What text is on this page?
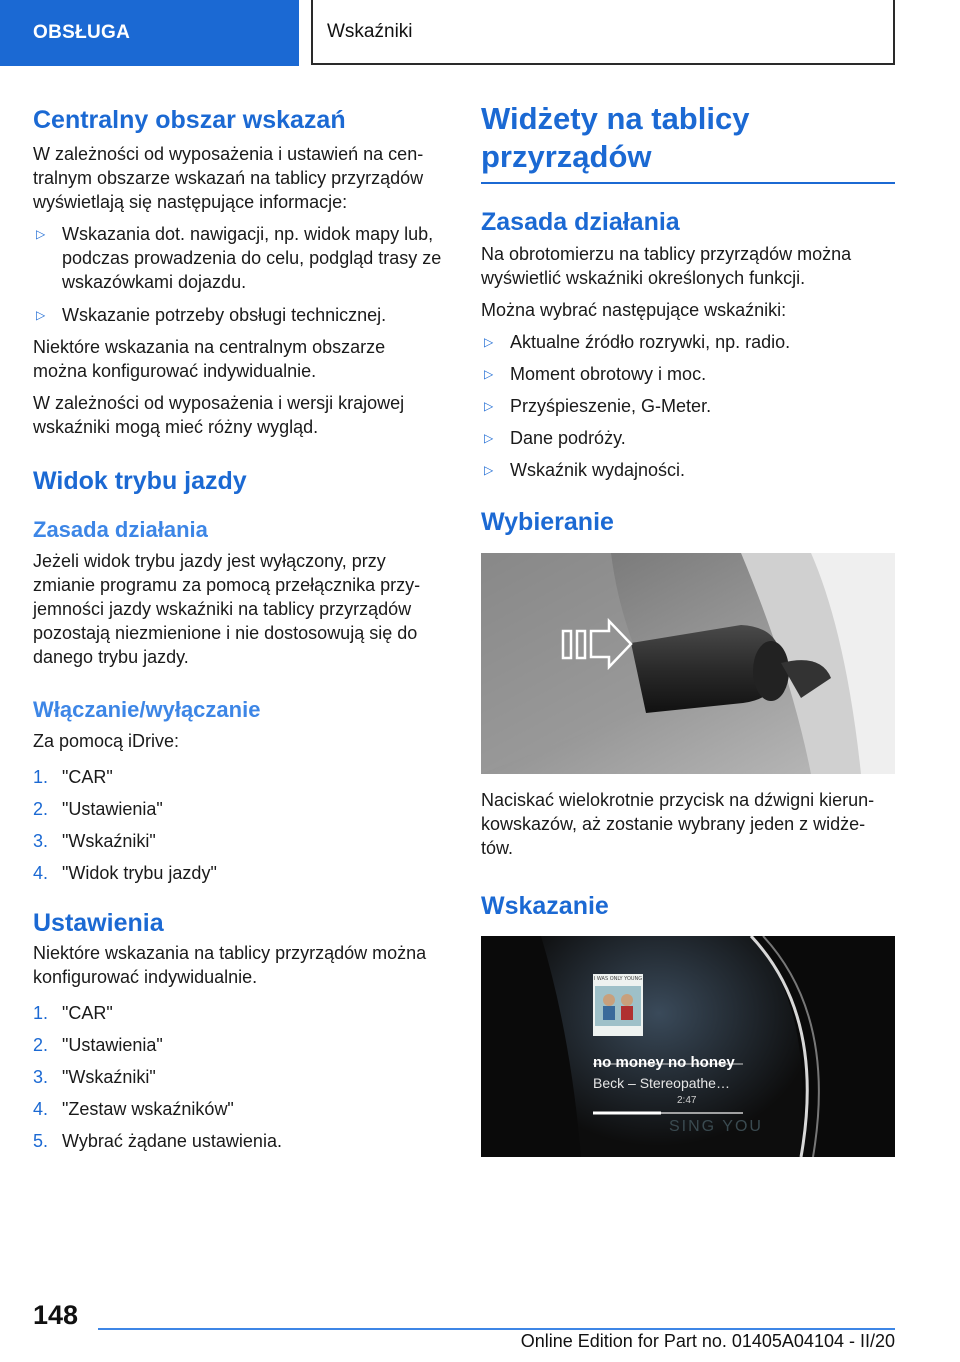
OBSŁUGA	Wskaźniki
Centralny obszar wskazań

W zależności od wyposażenia i ustawień na cen-tralnym obszarze wskazań na tablicy przyrządów wyświetlają się następujące informacje:

▷ Wskazania dot. nawigacji, np. widok mapy lub, podczas prowadzenia do celu, podgląd trasy ze wskazówkami dojazdu.
▷ Wskazanie potrzeby obsługi technicznej.

Niektóre wskazania na centralnym obszarze można konfigurować indywidualnie.

W zależności od wyposażenia i wersji krajowej wskaźniki mogą mieć różny wygląd.

Widok trybu jazdy
Zasada działania

Jeżeli widok trybu jazdy jest wyłączony, przy zmianie programu za pomocą przełącznika przy-jemności jazdy wskaźniki na tablicy przyrządów pozostają niezmienione i nie dostosowują się do danego trybu jazdy.

Włączanie/wyłączanie

Za pomocą iDrive:

1. "CAR"
2. "Ustawienia"
3. "Wskaźniki"
4. "Widok trybu jazdy"
Ustawienia

Niektóre wskazania na tablicy przyrządów można konfigurować indywidualnie.

1. "CAR"
2. "Ustawienia"
3. "Wskaźniki"
4. "Zestaw wskaźników"
5. Wybrać żądane ustawienia.
Widżety na tablicy przyrządów
Zasada działania

Na obrotomierzu na tablicy przyrządów można wyświetlić wskaźniki określonych funkcji.

Można wybrać następujące wskaźniki:

▷ Aktualne źródło rozrywki, np. radio.
▷ Moment obrotowy i moc.
▷ Przyśpieszenie, G-Meter.
▷ Dane podróży.
▷ Wskaźnik wydajności.
Wybieranie

Naciskać wielokrotnie przycisk na dźwigni kierun-kowskazów, aż zostanie wybrany jeden z widże-tów.

Wskazanie
I WAS ONLY YOUNG
no money no honey
Beck – Stereopathe…
2:47
SING YOU
148
Online Edition for Part no. 01405A04104 - II/20
